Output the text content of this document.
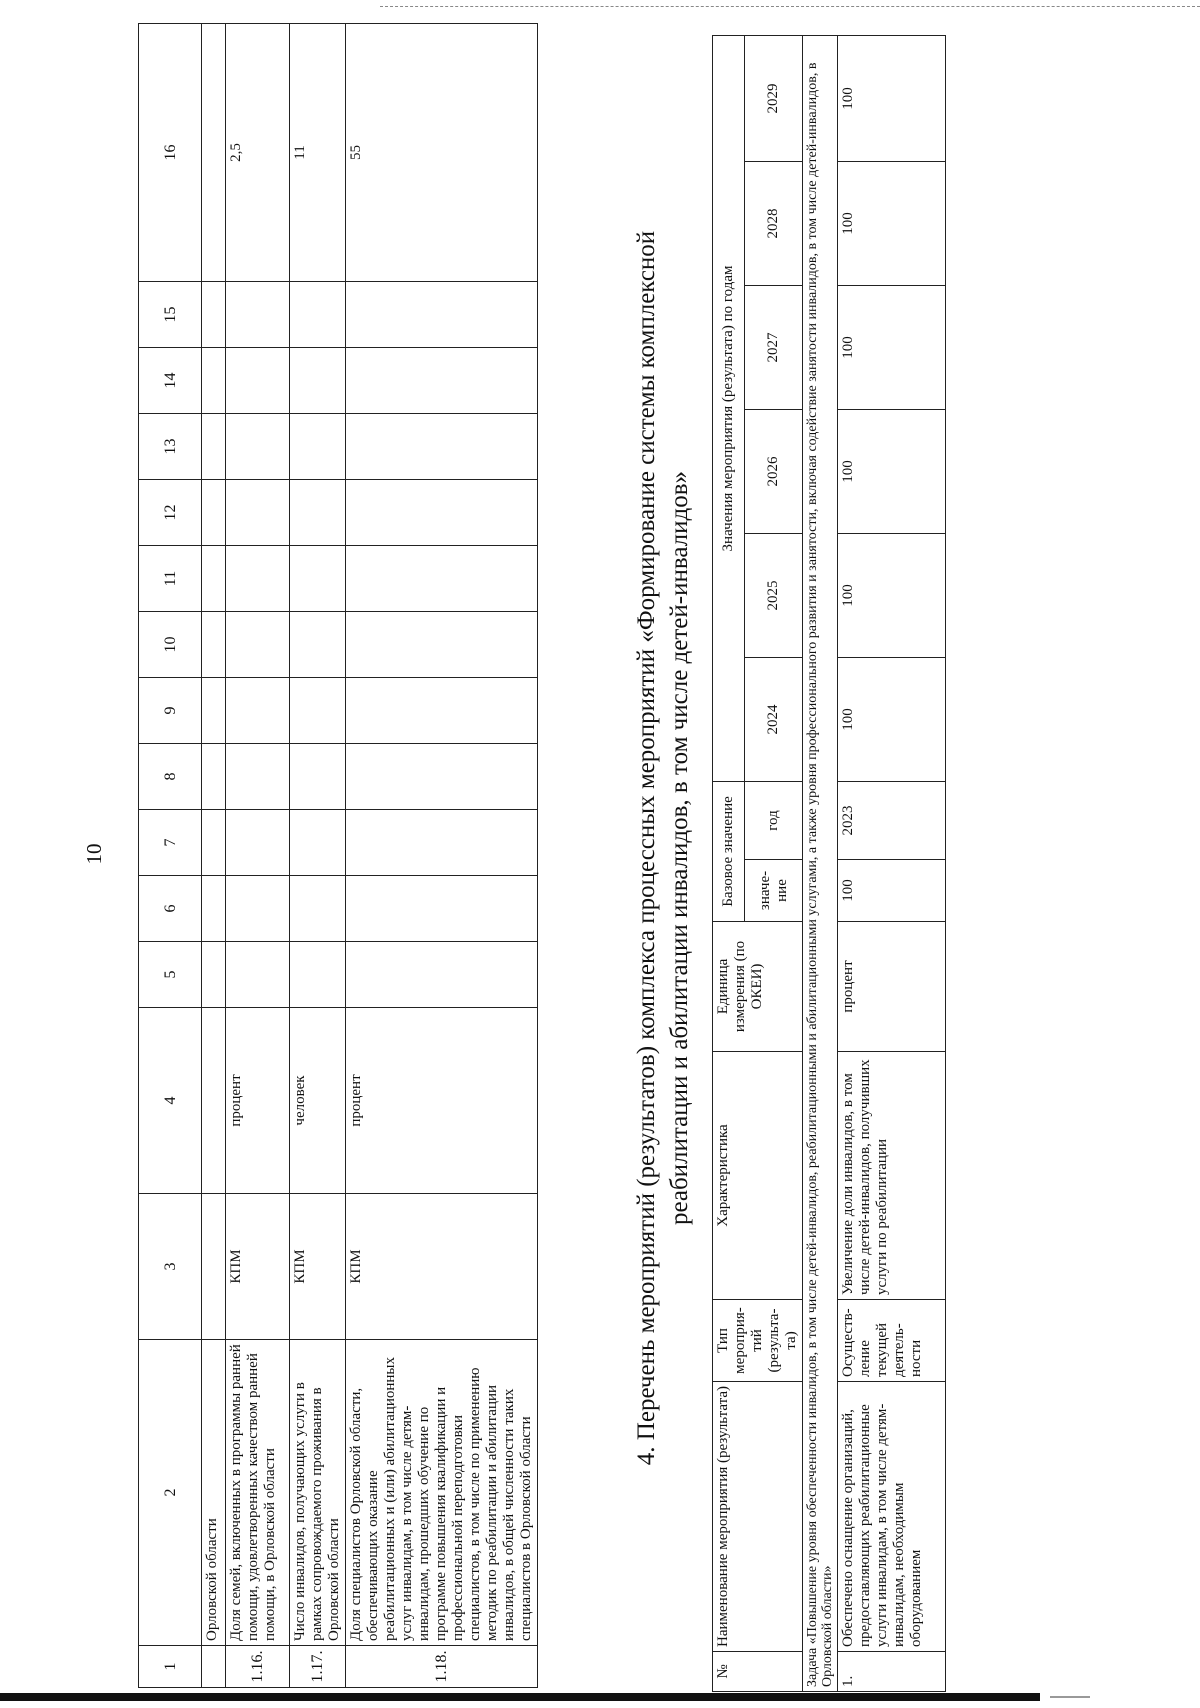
10
1	2	3	4	5	6	7	8	9	10	11	12	13	14	15	16
	Орловской области														
1.16.	Доля семей, включенных в программы ранней помощи, удовлетворенных качеством ранней помощи, в Орловской области	КПМ	процент												2,5
1.17.	Число инвалидов, получающих услуги в рамках сопровождаемого проживания в Орловской области	КПМ	человек												11
1.18.	Доля специалистов Орловской области, обеспечивающих оказание реабилитационных и (или) абилитационных услуг инвалидам, в том числе детям-инвалидам, прошедших обучение по программе повышения квалификации и профессиональной переподготовки специалистов, в том числе по применению методик по реабилитации и абилитации инвалидов, в общей численности таких специалистов в Орловской области	КПМ	процент												55
4. Перечень мероприятий (результатов) комплекса процессных мероприятий «Формирование системы комплексной реабилитации и абилитации инвалидов, в том числе детей-инвалидов»
№	Наименование мероприятия (результата)	Тип мероприя-тий (результа-та)	Характеристика	Единица измерения (по ОКЕИ)	Базовое значение		Значения мероприятия (результата) по годам					
					значе-ние	год	2024	2025	2026	2027	2028	2029

Задача «Повышение уровня обеспеченности инвалидов, в том числе детей-инвалидов, реабилитационными и абилитационными услугами, а также уровня профессионального развития и занятости, включая содействие занятости инвалидов, в том числе детей-инвалидов, в Орловской области»												
1.	Обеспечено оснащение организаций, предоставляющих реабилитационные услуги инвалидам, в том числе детям-инвалидам, необходимым оборудованием	Осуществ-ление текущей деятель-ности	Увеличение доли инвалидов, в том числе детей-инвалидов, получивших услуги по реабилитации	процент	100	2023	100	100	100	100	100	100
